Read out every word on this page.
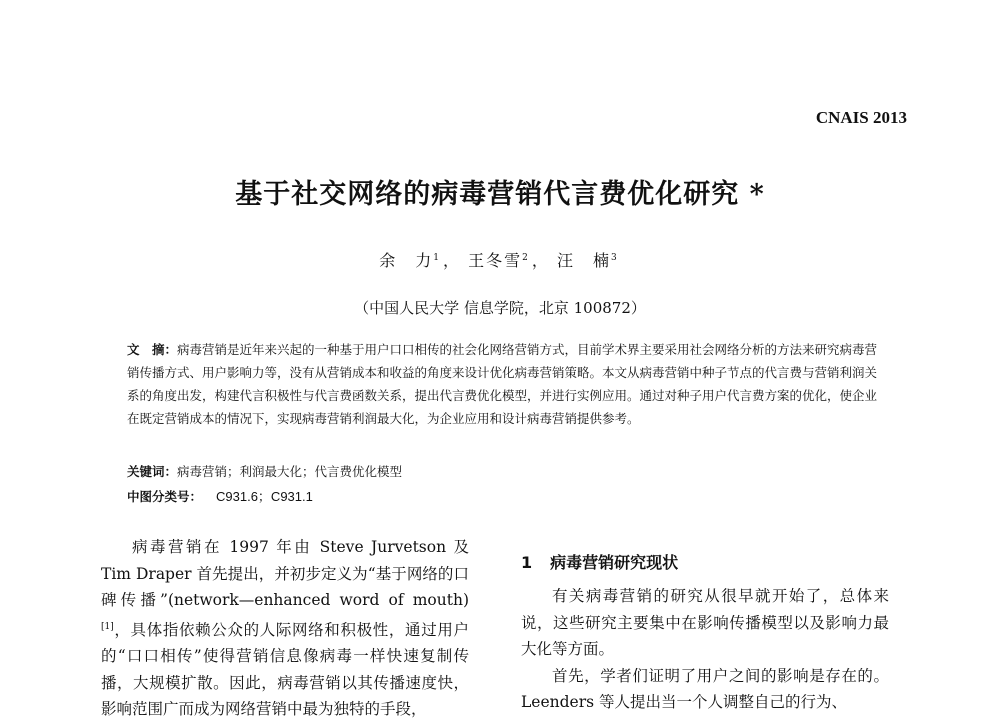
CNAIS 2013
基于社交网络的病毒营销代言费优化研究 *
余　力$^1$ ， 王冬雪$^2$ ， 汪　楠$^3$
（中国人民大学 信息学院，北京 100872）

文　摘：病毒营销是近年来兴起的一种基于用户口口相传的社会化网络营销方式，目前学术界主要采用社会网络分析的方法来研究病毒营销传播方式、用户影响力等，没有从营销成本和收益的角度来设计优化病毒营销策略。本文从病毒营销中种子节点的代言费与营销利润关系的角度出发，构建代言积极性与代言费函数关系，提出代言费优化模型，并进行实例应用。通过对种子用户代言费方案的优化，使企业在既定营销成本的情况下，实现病毒营销利润最大化，为企业应用和设计病毒营销提供参考。

关键词：病毒营销；利润最大化；代言费优化模型
中图分类号： C931.6；C931.1

病毒营销在 1997 年由 Steve Jurvetson 及 Tim Draper 首先提出，并初步定义为“基于网络的口碑传播”(network—enhanced word of mouth)[1]，具体指依赖公众的人际网络和积极性，通过用户的“口口相传”使得营销信息像病毒一样快速复制传播，大规模扩散。因此，病毒营销以其传播速度快，影响范围广而成为网络营销中最为独特的手段，

1 病毒营销研究现状

有关病毒营销的研究从很早就开始了，总体来说，这些研究主要集中在影响传播模型以及影响力最大化等方面。

首先，学者们证明了用户之间的影响是存在的。Leenders 等人提出当一个人调整自己的行为、
